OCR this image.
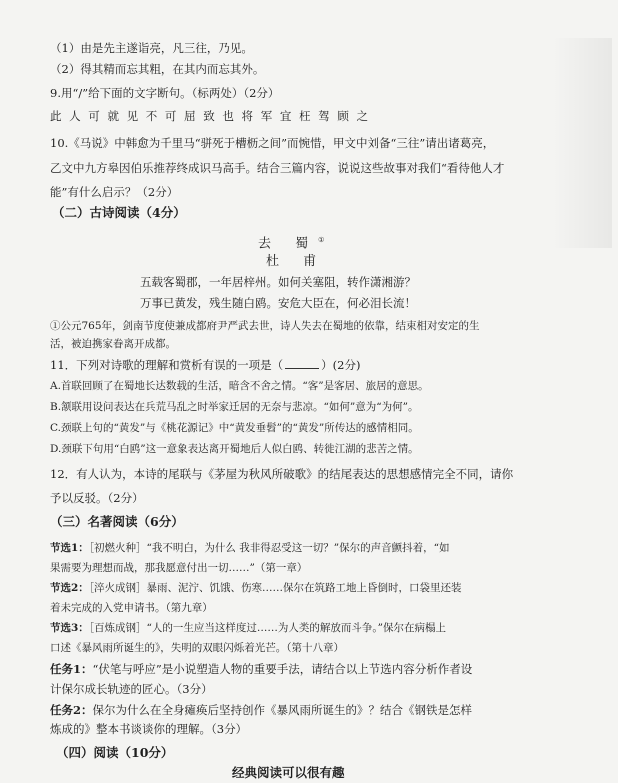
（1）由是先主遂诣亮，凡三往，乃见。
（2）得其精而忘其粗，在其内而忘其外。
9.用“/”给下面的文字断句。（标两处）（2分）
此 人 可 就 见 不 可 屈 致 也 将 军 宜 枉 驾 顾 之
10.《马说》中韩愈为千里马“骈死于槽枥之间”而惋惜，甲文中刘备“三往”请出诸葛亮，
乙文中九方皋因伯乐推荐终成识马高手。结合三篇内容，说说这些故事对我们“看待他人才
能”有什么启示？（2分）
（二）古诗阅读（4分）
去 蜀①
杜 甫
五载客蜀郡，一年居梓州。如何关塞阻，转作潇湘游？
万事已黄发，残生随白鸥。安危大臣在，何必泪长流！
①公元765年，剑南节度使兼成都府尹严武去世，诗人失去在蜀地的依靠，结束相对安定的生
活，被迫携家眷离开成都。
11．下列对诗歌的理解和赏析有误的一项是（	）(2分)
A.首联回顾了在蜀地长达数载的生活，暗含不舍之情。“客”是客居、旅居的意思。
B.颔联用设问表达在兵荒马乱之时举家迁居的无奈与悲凉。“如何”意为“为何”。
C.颈联上句的“黄发”与《桃花源记》中“黄发垂髫”的“黄发”所传达的感情相同。
D.颈联下句用“白鸥”这一意象表达离开蜀地后人似白鸥、转徙江湖的悲苦之情。
12．有人认为，本诗的尾联与《茅屋为秋风所破歌》的结尾表达的思想感情完全不同，请你
予以反驳。（2分）
（三）名著阅读（6分）
节选1：［初燃火种］“我不明白，为什么 我非得忍受这一切？”保尔的声音颤抖着，“如
果需要为理想而战，那我愿意付出一切……”（第一章）
节选2：［淬火成钢］暴雨、泥泞、饥饿、伤寒……保尔在筑路工地上昏倒时，口袋里还装
着未完成的入党申请书。（第九章）
节选3：［百炼成钢］“人的一生应当这样度过……为人类的解放而斗争。”保尔在病榻上
口述《暴风雨所诞生的》，失明的双眼闪烁着光芒。（第十八章）
任务1：“伏笔与呼应”是小说塑造人物的重要手法，请结合以上节选内容分析作者设
计保尔成长轨迹的匠心。（3分）
任务2：保尔为什么在全身瘫痪后坚持创作《暴风雨所诞生的》？结合《钢铁是怎样
炼成的》整本书谈谈你的理解。（3分）
（四）阅读（10分）
经典阅读可以很有趣
